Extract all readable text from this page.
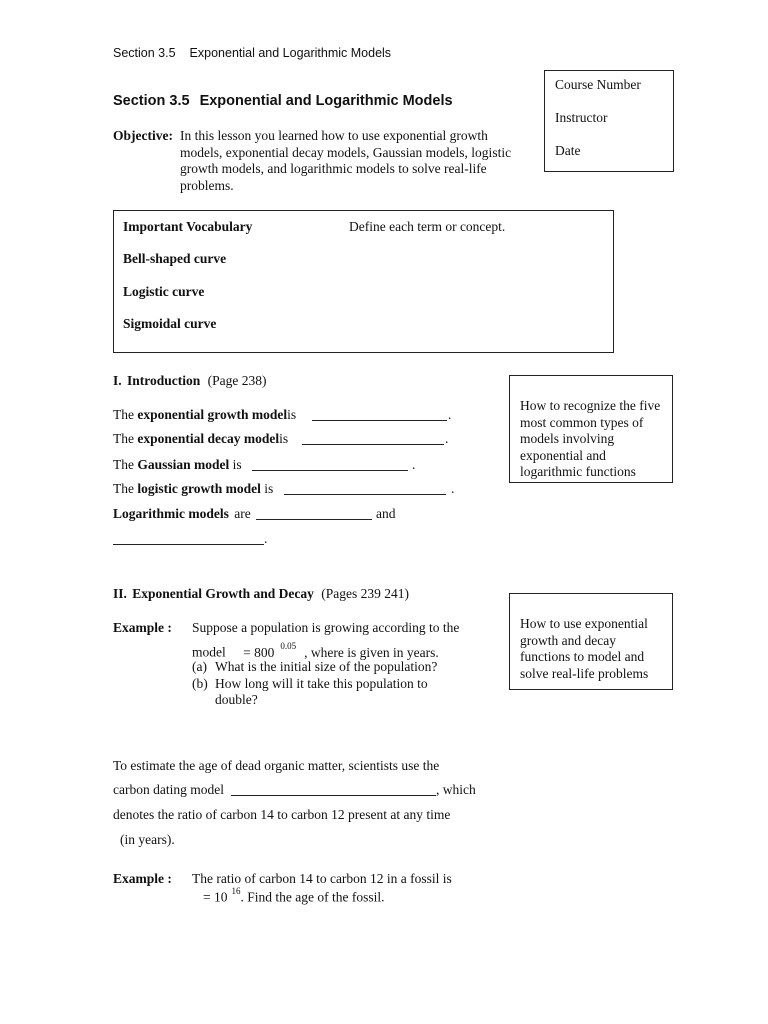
Section 3.5 Exponential and Logarithmic Models
Course Number
Instructor
Date
Section 3.5 Exponential and Logarithmic Models
Objective: In this lesson you learned how to use exponential growth models, exponential decay models, Gaussian models, logistic growth models, and logarithmic models to solve real-life problems.
Important Vocabulary	Define each term or concept.
Bell-shaped curve
Logistic curve
Sigmoidal curve
I. Introduction (Page 238)
How to recognize the five most common types of models involving exponential and logarithmic functions
The exponential growth modelis	.
The exponential decay modelis	.
The Gaussian model is	.
The logistic growth model is	.
Logarithmic models are	and
.
II. Exponential Growth and Decay (Pages 239 241)
How to use exponential growth and decay functions to model and solve real-life problems
Example : Suppose a population is growing according to the
model = 800 $^{0.05}$ , where is given in years.
(a) What is the initial size of the population?
(b) How long will it take this population to
double?
To estimate the age of dead organic matter, scientists use the
carbon dating model	, which
denotes the ratio of carbon 14 to carbon 12 present at any time
(in years).
Example : The ratio of carbon 14 to carbon 12 in a fossil is
= 10 $^{16}$. Find the age of the fossil.
